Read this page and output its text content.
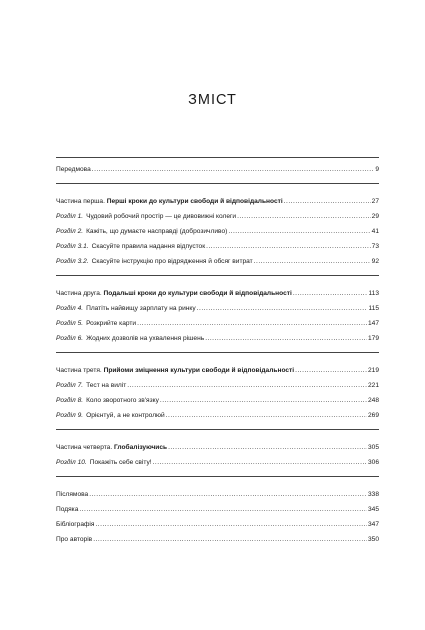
ЗМІСТ
Передмова .....	9
Частина перша. Перші кроки до культури свободи й відповідальності .....	27
Розділ 1. Чудовий робочий простір — це дивовижні колеги .....	29
Розділ 2. Кажіть, що думаєте насправді (доброзичливо) .....	41
Розділ 3.1. Скасуйте правила надання відпусток .....	73
Розділ 3.2. Скасуйте інструкцію про відрядження й обсяг витрат .....	92
Частина друга. Подальші кроки до культури свободи й відповідальності .....	113
Розділ 4. Платіть найвищу зарплату на ринку .....	115
Розділ 5. Розкрийте карти .....	147
Розділ 6. Жодних дозволів на ухвалення рішень .....	179
Частина третя. Прийоми зміцнення культури свободи й відповідальності .....	219
Розділ 7. Тест на виліт .....	221
Розділ 8. Коло зворотного зв'язку .....	248
Розділ 9. Орієнтуй, а не контролюй .....	269
Частина четверта. Глобалізуючись .....	305
Розділ 10. Покажіть себе світу! .....	306
Післямова .....	338
Подяка .....	345
Бібліографія .....	347
Про авторів .....	350
